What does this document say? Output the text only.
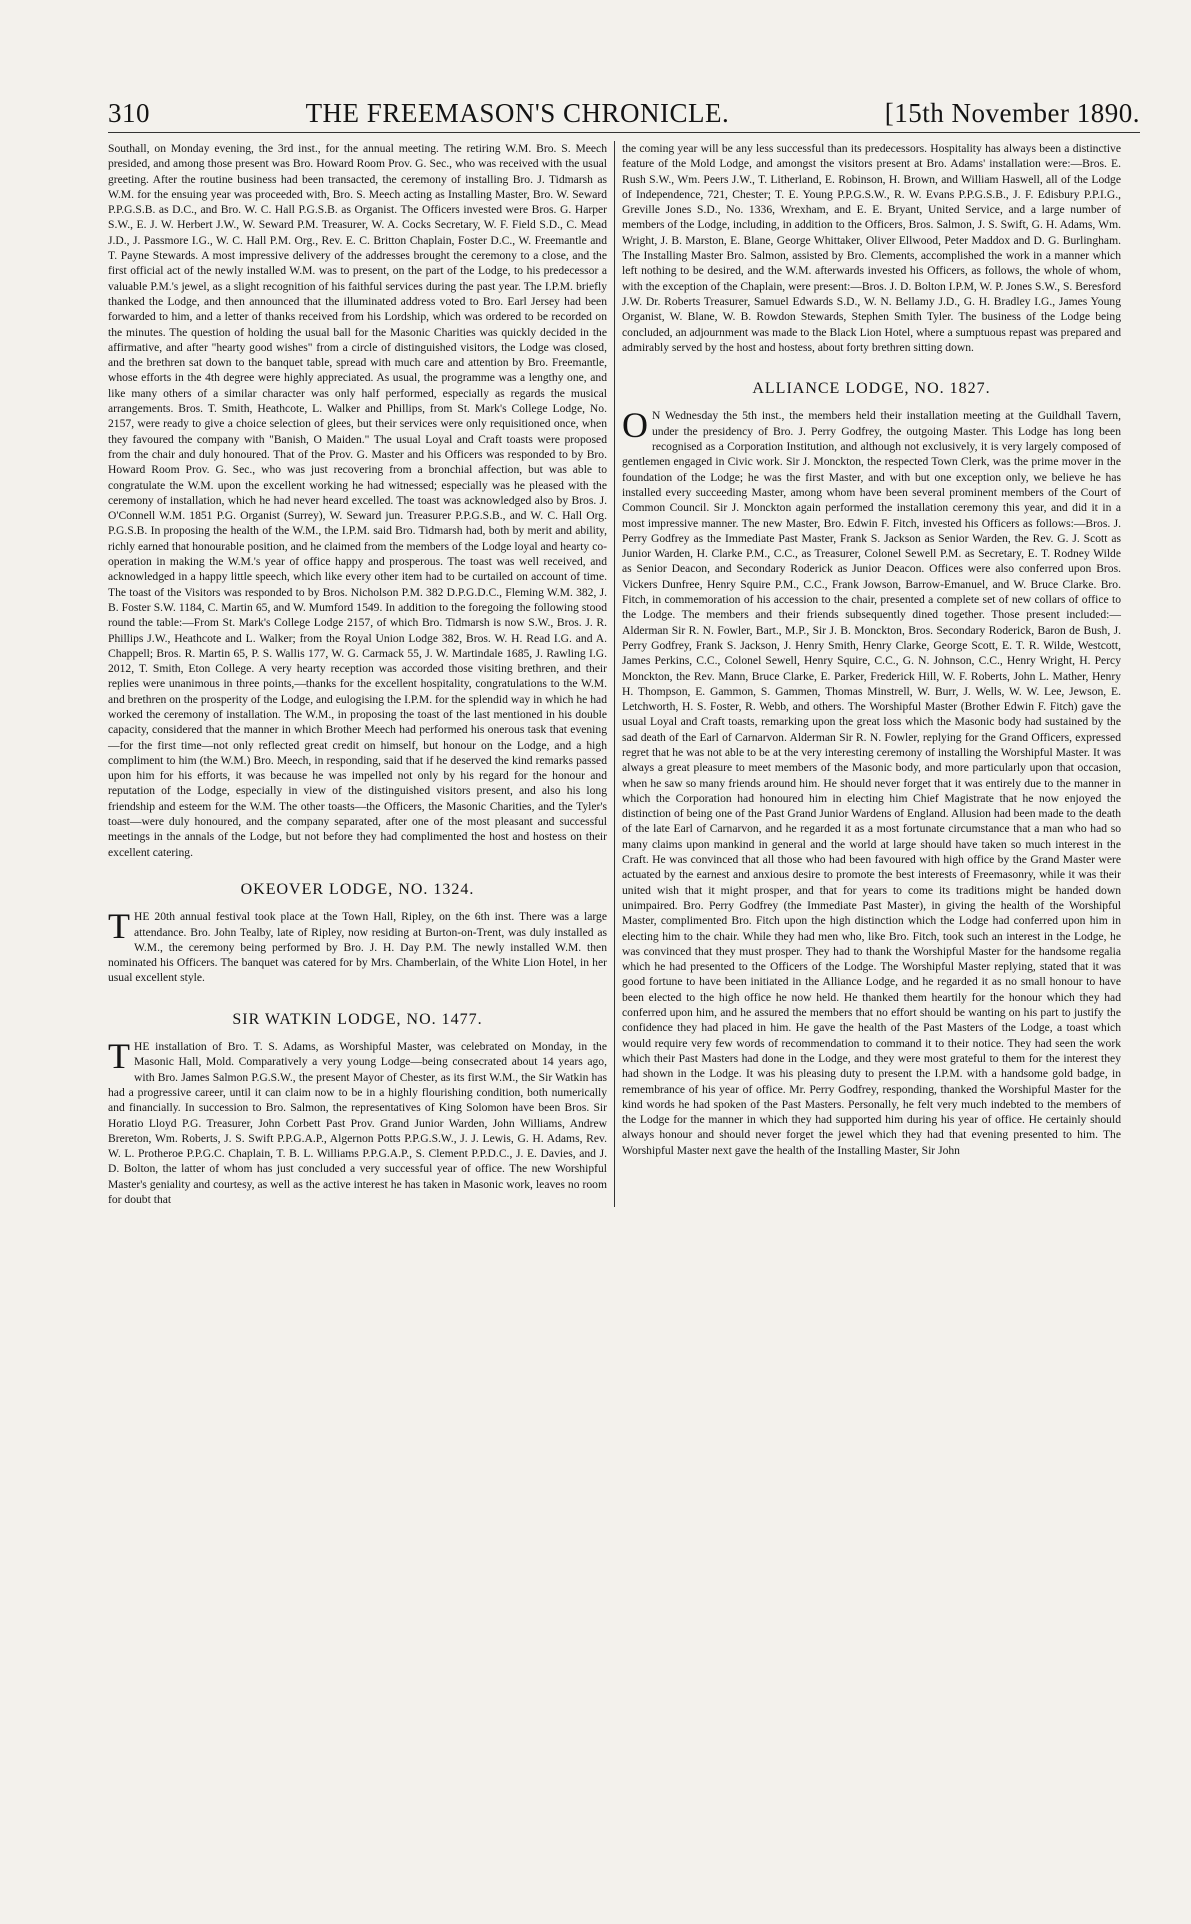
310	THE FREEMASON'S CHRONICLE.	[15th November 1890.

Southall, on Monday evening, the 3rd inst., for the annual meeting. The retiring W.M. Bro. S. Meech presided, and among those present was Bro. Howard Room Prov. G. Sec., who was received with the usual greeting. After the routine business had been transacted, the ceremony of installing Bro. J. Tidmarsh as W.M. for the ensuing year was proceeded with, Bro. S. Meech acting as Installing Master, Bro. W. Seward P.P.G.S.B. as D.C., and Bro. W. C. Hall P.G.S.B. as Organist. The Officers invested were Bros. G. Harper S.W., E. J. W. Herbert J.W., W. Seward P.M. Treasurer, W. A. Cocks Secretary, W. F. Field S.D., C. Mead J.D., J. Passmore I.G., W. C. Hall P.M. Org., Rev. E. C. Britton Chaplain, Foster D.C., W. Freemantle and T. Payne Stewards. A most impressive delivery of the addresses brought the ceremony to a close, and the first official act of the newly installed W.M. was to present, on the part of the Lodge, to his predecessor a valuable P.M.'s jewel, as a slight recognition of his faithful services during the past year. The I.P.M. briefly thanked the Lodge, and then announced that the illuminated address voted to Bro. Earl Jersey had been forwarded to him, and a letter of thanks received from his Lordship, which was ordered to be recorded on the minutes. The question of holding the usual ball for the Masonic Charities was quickly decided in the affirmative, and after "hearty good wishes" from a circle of distinguished visitors, the Lodge was closed, and the brethren sat down to the banquet table, spread with much care and attention by Bro. Freemantle, whose efforts in the 4th degree were highly appreciated. As usual, the programme was a lengthy one, and like many others of a similar character was only half performed, especially as regards the musical arrangements. Bros. T. Smith, Heathcote, L. Walker and Phillips, from St. Mark's College Lodge, No. 2157, were ready to give a choice selection of glees, but their services were only requisitioned once, when they favoured the company with "Banish, O Maiden." The usual Loyal and Craft toasts were proposed from the chair and duly honoured. That of the Prov. G. Master and his Officers was responded to by Bro. Howard Room Prov. G. Sec., who was just recovering from a bronchial affection, but was able to congratulate the W.M. upon the excellent working he had witnessed; especially was he pleased with the ceremony of installation, which he had never heard excelled. The toast was acknowledged also by Bros. J. O'Connell W.M. 1851 P.G. Organist (Surrey), W. Seward jun. Treasurer P.P.G.S.B., and W. C. Hall Org. P.G.S.B. In proposing the health of the W.M., the I.P.M. said Bro. Tidmarsh had, both by merit and ability, richly earned that honourable position, and he claimed from the members of the Lodge loyal and hearty co-operation in making the W.M.'s year of office happy and prosperous. The toast was well received, and acknowledged in a happy little speech, which like every other item had to be curtailed on account of time. The toast of the Visitors was responded to by Bros. Nicholson P.M. 382 D.P.G.D.C., Fleming W.M. 382, J. B. Foster S.W. 1184, C. Martin 65, and W. Mumford 1549. In addition to the foregoing the following stood round the table:—From St. Mark's College Lodge 2157, of which Bro. Tidmarsh is now S.W., Bros. J. R. Phillips J.W., Heathcote and L. Walker; from the Royal Union Lodge 382, Bros. W. H. Read I.G. and A. Chappell; Bros. R. Martin 65, P. S. Wallis 177, W. G. Carmack 55, J. W. Martindale 1685, J. Rawling I.G. 2012, T. Smith, Eton College. A very hearty reception was accorded those visiting brethren, and their replies were unanimous in three points,—thanks for the excellent hospitality, congratulations to the W.M. and brethren on the prosperity of the Lodge, and eulogising the I.P.M. for the splendid way in which he had worked the ceremony of installation. The W.M., in proposing the toast of the last mentioned in his double capacity, considered that the manner in which Brother Meech had performed his onerous task that evening—for the first time—not only reflected great credit on himself, but honour on the Lodge, and a high compliment to him (the W.M.) Bro. Meech, in responding, said that if he deserved the kind remarks passed upon him for his efforts, it was because he was impelled not only by his regard for the honour and reputation of the Lodge, especially in view of the distinguished visitors present, and also his long friendship and esteem for the W.M. The other toasts—the Officers, the Masonic Charities, and the Tyler's toast—were duly honoured, and the company separated, after one of the most pleasant and successful meetings in the annals of the Lodge, but not before they had complimented the host and hostess on their excellent catering.

OKEOVER LODGE, NO. 1324.

THE 20th annual festival took place at the Town Hall, Ripley, on the 6th inst. There was a large attendance. Bro. John Tealby, late of Ripley, now residing at Burton-on-Trent, was duly installed as W.M., the ceremony being performed by Bro. J. H. Day P.M. The newly installed W.M. then nominated his Officers. The banquet was catered for by Mrs. Chamberlain, of the White Lion Hotel, in her usual excellent style.

SIR WATKIN LODGE, NO. 1477.

THE installation of Bro. T. S. Adams, as Worshipful Master, was celebrated on Monday, in the Masonic Hall, Mold. Comparatively a very young Lodge—being consecrated about 14 years ago, with Bro. James Salmon P.G.S.W., the present Mayor of Chester, as its first W.M., the Sir Watkin has had a progressive career, until it can claim now to be in a highly flourishing condition, both numerically and financially. In succession to Bro. Salmon, the representatives of King Solomon have been Bros. Sir Horatio Lloyd P.G. Treasurer, John Corbett Past Prov. Grand Junior Warden, John Williams, Andrew Brereton, Wm. Roberts, J. S. Swift P.P.G.A.P., Algernon Potts P.P.G.S.W., J. J. Lewis, G. H. Adams, Rev. W. L. Protheroe P.P.G.C. Chaplain, T. B. L. Williams P.P.G.A.P., S. Clement P.P.D.C., J. E. Davies, and J. D. Bolton, the latter of whom has just concluded a very successful year of office. The new Worshipful Master's geniality and courtesy, as well as the active interest he has taken in Masonic work, leaves no room for doubt that

the coming year will be any less successful than its predecessors. Hospitality has always been a distinctive feature of the Mold Lodge, and amongst the visitors present at Bro. Adams' installation were:—Bros. E. Rush S.W., Wm. Peers J.W., T. Litherland, E. Robinson, H. Brown, and William Haswell, all of the Lodge of Independence, 721, Chester; T. E. Young P.P.G.S.W., R. W. Evans P.P.G.S.B., J. F. Edisbury P.P.I.G., Greville Jones S.D., No. 1336, Wrexham, and E. E. Bryant, United Service, and a large number of members of the Lodge, including, in addition to the Officers, Bros. Salmon, J. S. Swift, G. H. Adams, Wm. Wright, J. B. Marston, E. Blane, George Whittaker, Oliver Ellwood, Peter Maddox and D. G. Burlingham. The Installing Master Bro. Salmon, assisted by Bro. Clements, accomplished the work in a manner which left nothing to be desired, and the W.M. afterwards invested his Officers, as follows, the whole of whom, with the exception of the Chaplain, were present:—Bros. J. D. Bolton I.P.M, W. P. Jones S.W., S. Beresford J.W. Dr. Roberts Treasurer, Samuel Edwards S.D., W. N. Bellamy J.D., G. H. Bradley I.G., James Young Organist, W. Blane, W. B. Rowdon Stewards, Stephen Smith Tyler. The business of the Lodge being concluded, an adjournment was made to the Black Lion Hotel, where a sumptuous repast was prepared and admirably served by the host and hostess, about forty brethren sitting down.

ALLIANCE LODGE, NO. 1827.

O N Wednesday the 5th inst., the members held their installation meeting at the Guildhall Tavern, under the presidency of Bro. J. Perry Godfrey, the outgoing Master. This Lodge has long been recognised as a Corporation Institution, and although not exclusively, it is very largely composed of gentlemen engaged in Civic work. Sir J. Monckton, the respected Town Clerk, was the prime mover in the foundation of the Lodge; he was the first Master, and with but one exception only, we believe he has installed every succeeding Master, among whom have been several prominent members of the Court of Common Council. Sir J. Monckton again performed the installation ceremony this year, and did it in a most impressive manner. The new Master, Bro. Edwin F. Fitch, invested his Officers as follows:—Bros. J. Perry Godfrey as the Immediate Past Master, Frank S. Jackson as Senior Warden, the Rev. G. J. Scott as Junior Warden, H. Clarke P.M., C.C., as Treasurer, Colonel Sewell P.M. as Secretary, E. T. Rodney Wilde as Senior Deacon, and Secondary Roderick as Junior Deacon. Offices were also conferred upon Bros. Vickers Dunfree, Henry Squire P.M., C.C., Frank Jowson, Barrow-Emanuel, and W. Bruce Clarke. Bro. Fitch, in commemoration of his accession to the chair, presented a complete set of new collars of office to the Lodge. The members and their friends subsequently dined together. Those present included:—Alderman Sir R. N. Fowler, Bart., M.P., Sir J. B. Monckton, Bros. Secondary Roderick, Baron de Bush, J. Perry Godfrey, Frank S. Jackson, J. Henry Smith, Henry Clarke, George Scott, E. T. R. Wilde, Westcott, James Perkins, C.C., Colonel Sewell, Henry Squire, C.C., G. N. Johnson, C.C., Henry Wright, H. Percy Monckton, the Rev. Mann, Bruce Clarke, E. Parker, Frederick Hill, W. F. Roberts, John L. Mather, Henry H. Thompson, E. Gammon, S. Gammen, Thomas Minstrell, W. Burr, J. Wells, W. W. Lee, Jewson, E. Letchworth, H. S. Foster, R. Webb, and others. The Worshipful Master (Brother Edwin F. Fitch) gave the usual Loyal and Craft toasts, remarking upon the great loss which the Masonic body had sustained by the sad death of the Earl of Carnarvon. Alderman Sir R. N. Fowler, replying for the Grand Officers, expressed regret that he was not able to be at the very interesting ceremony of installing the Worshipful Master. It was always a great pleasure to meet members of the Masonic body, and more particularly upon that occasion, when he saw so many friends around him. He should never forget that it was entirely due to the manner in which the Corporation had honoured him in electing him Chief Magistrate that he now enjoyed the distinction of being one of the Past Grand Junior Wardens of England. Allusion had been made to the death of the late Earl of Carnarvon, and he regarded it as a most fortunate circumstance that a man who had so many claims upon mankind in general and the world at large should have taken so much interest in the Craft. He was convinced that all those who had been favoured with high office by the Grand Master were actuated by the earnest and anxious desire to promote the best interests of Freemasonry, while it was their united wish that it might prosper, and that for years to come its traditions might be handed down unimpaired. Bro. Perry Godfrey (the Immediate Past Master), in giving the health of the Worshipful Master, complimented Bro. Fitch upon the high distinction which the Lodge had conferred upon him in electing him to the chair. While they had men who, like Bro. Fitch, took such an interest in the Lodge, he was convinced that they must prosper. They had to thank the Worshipful Master for the handsome regalia which he had presented to the Officers of the Lodge. The Worshipful Master replying, stated that it was good fortune to have been initiated in the Alliance Lodge, and he regarded it as no small honour to have been elected to the high office he now held. He thanked them heartily for the honour which they had conferred upon him, and he assured the members that no effort should be wanting on his part to justify the confidence they had placed in him. He gave the health of the Past Masters of the Lodge, a toast which would require very few words of recommendation to command it to their notice. They had seen the work which their Past Masters had done in the Lodge, and they were most grateful to them for the interest they had shown in the Lodge. It was his pleasing duty to present the I.P.M. with a handsome gold badge, in remembrance of his year of office. Mr. Perry Godfrey, responding, thanked the Worshipful Master for the kind words he had spoken of the Past Masters. Personally, he felt very much indebted to the members of the Lodge for the manner in which they had supported him during his year of office. He certainly should always honour and should never forget the jewel which they had that evening presented to him. The Worshipful Master next gave the health of the Installing Master, Sir John
